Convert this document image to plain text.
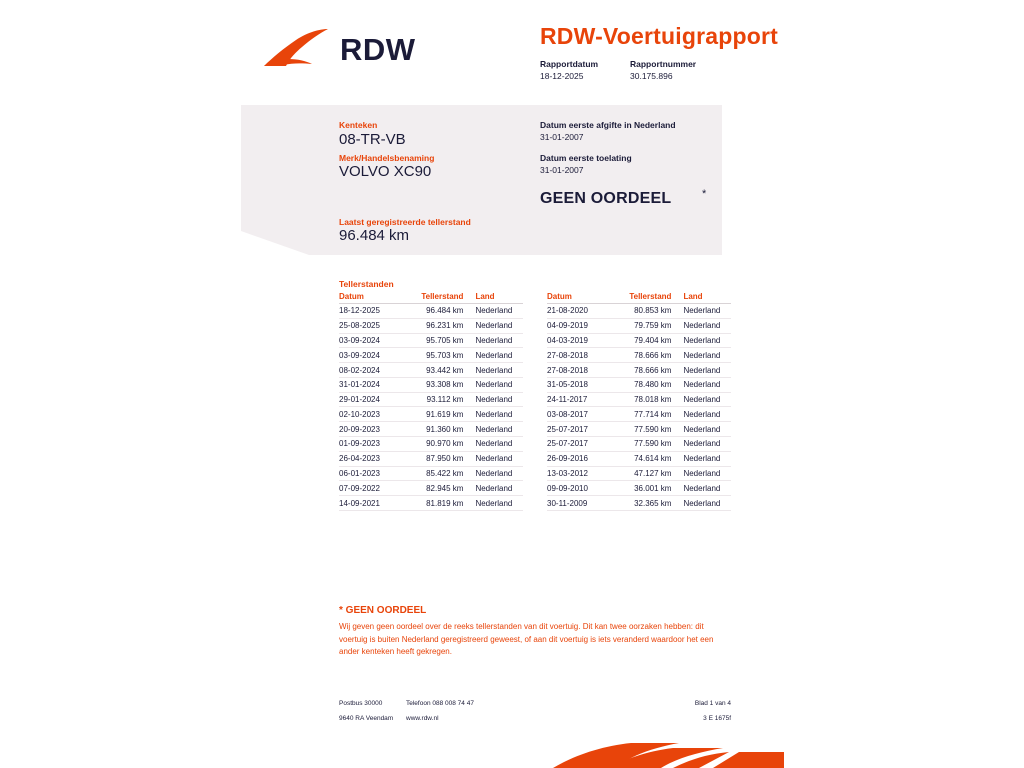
RDW	RDW-Voertuigrapport
Rapportdatum
18-12-2025
Rapportnummer
30.175.896
Kenteken
08-TR-VB
Merk/Handelsbenaming
VOLVO XC90
Laatst geregistreerde tellerstand
96.484 km
Datum eerste afgifte in Nederland
31-01-2007
Datum eerste toelating
31-01-2007
GEEN OORDEEL	*
Tellerstanden
Datum	Tellerstand	Land
18-12-2025	96.484 km	Nederland
25-08-2025	96.231 km	Nederland
03-09-2024	95.705 km	Nederland
03-09-2024	95.703 km	Nederland
08-02-2024	93.442 km	Nederland
31-01-2024	93.308 km	Nederland
29-01-2024	93.112 km	Nederland
02-10-2023	91.619 km	Nederland
20-09-2023	91.360 km	Nederland
01-09-2023	90.970 km	Nederland
26-04-2023	87.950 km	Nederland
06-01-2023	85.422 km	Nederland
07-09-2022	82.945 km	Nederland
14-09-2021	81.819 km	Nederland
Datum	Tellerstand	Land
21-08-2020	80.853 km	Nederland
04-09-2019	79.759 km	Nederland
04-03-2019	79.404 km	Nederland
27-08-2018	78.666 km	Nederland
27-08-2018	78.666 km	Nederland
31-05-2018	78.480 km	Nederland
24-11-2017	78.018 km	Nederland
03-08-2017	77.714 km	Nederland
25-07-2017	77.590 km	Nederland
25-07-2017	77.590 km	Nederland
26-09-2016	74.614 km	Nederland
13-03-2012	47.127 km	Nederland
09-09-2010	36.001 km	Nederland
30-11-2009	32.365 km	Nederland
* GEEN OORDEEL
Wij geven geen oordeel over de reeks tellerstanden van dit voertuig. Dit kan twee oorzaken hebben: dit voertuig is buiten Nederland geregistreerd geweest, of aan dit voertuig is iets veranderd waardoor het een ander kenteken heeft gekregen.
Postbus 30000	Telefoon 088 008 74 47	Blad 1 van 4
9640 RA Veendam www.rdw.nl	3 E 1675f
